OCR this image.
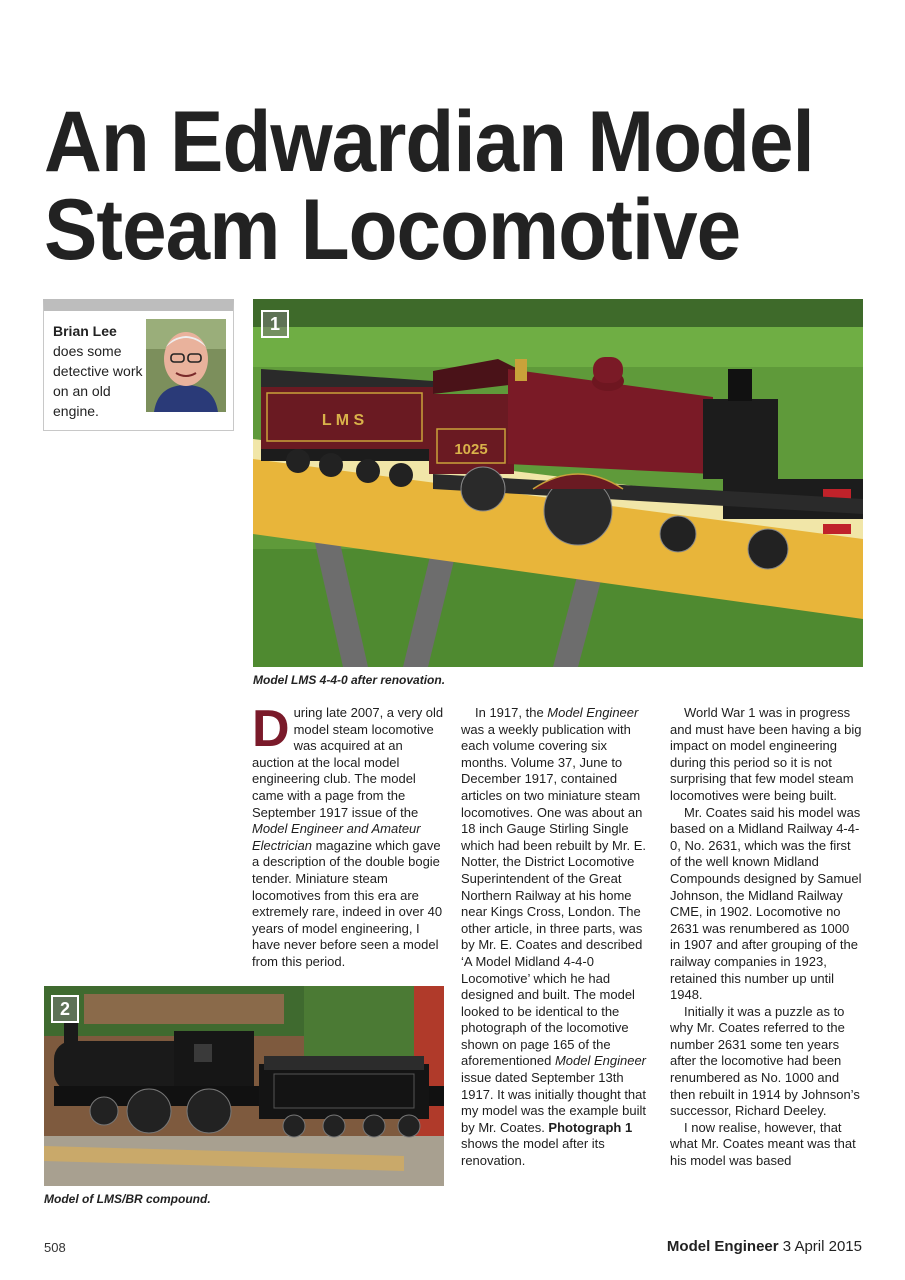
An Edwardian Model
Steam Locomotive
Brian Lee
does some detective work on an old engine.
L M S
1025
1
Model LMS 4-4-0 after renovation.
2
Model of LMS/BR compound.

During late 2007, a very old model steam locomotive was acquired at an auction at the local model engineering club. The model came with a page from the September 1917 issue of the Model Engineer and Amateur Electrician magazine which gave a description of the double bogie tender. Miniature steam locomotives from this era are extremely rare, indeed in over 40 years of model engineering, I have never before seen a model from this period.

In 1917, the Model Engineer was a weekly publication with each volume covering six months. Volume 37, June to December 1917, contained articles on two miniature steam locomotives. One was about an 18 inch Gauge Stirling Single which had been rebuilt by Mr. E. Notter, the District Locomotive Superintendent of the Great Northern Railway at his home near Kings Cross, London. The other article, in three parts, was by Mr. E. Coates and described ‘A Model Midland 4-4-0 Locomotive’ which he had designed and built. The model looked to be identical to the photograph of the locomotive shown on page 165 of the aforementioned Model Engineer issue dated September 13th 1917. It was initially thought that my model was the example built by Mr. Coates. Photograph 1 shows the model after its renovation.

World War 1 was in progress and must have been having a big impact on model engineering during this period so it is not surprising that few model steam locomotives were being built.

Mr. Coates said his model was based on a Midland Railway 4-4-0, No. 2631, which was the first of the well known Midland Compounds designed by Samuel Johnson, the Midland Railway CME, in 1902. Locomotive no 2631 was renumbered as 1000 in 1907 and after grouping of the railway companies in 1923, retained this number up until 1948.

Initially it was a puzzle as to why Mr. Coates referred to the number 2631 some ten years after the locomotive had been renumbered as No. 1000 and then rebuilt in 1914 by Johnson’s successor, Richard Deeley.

I now realise, however, that what Mr. Coates meant was that his model was based

508	Model Engineer 3 April 2015
